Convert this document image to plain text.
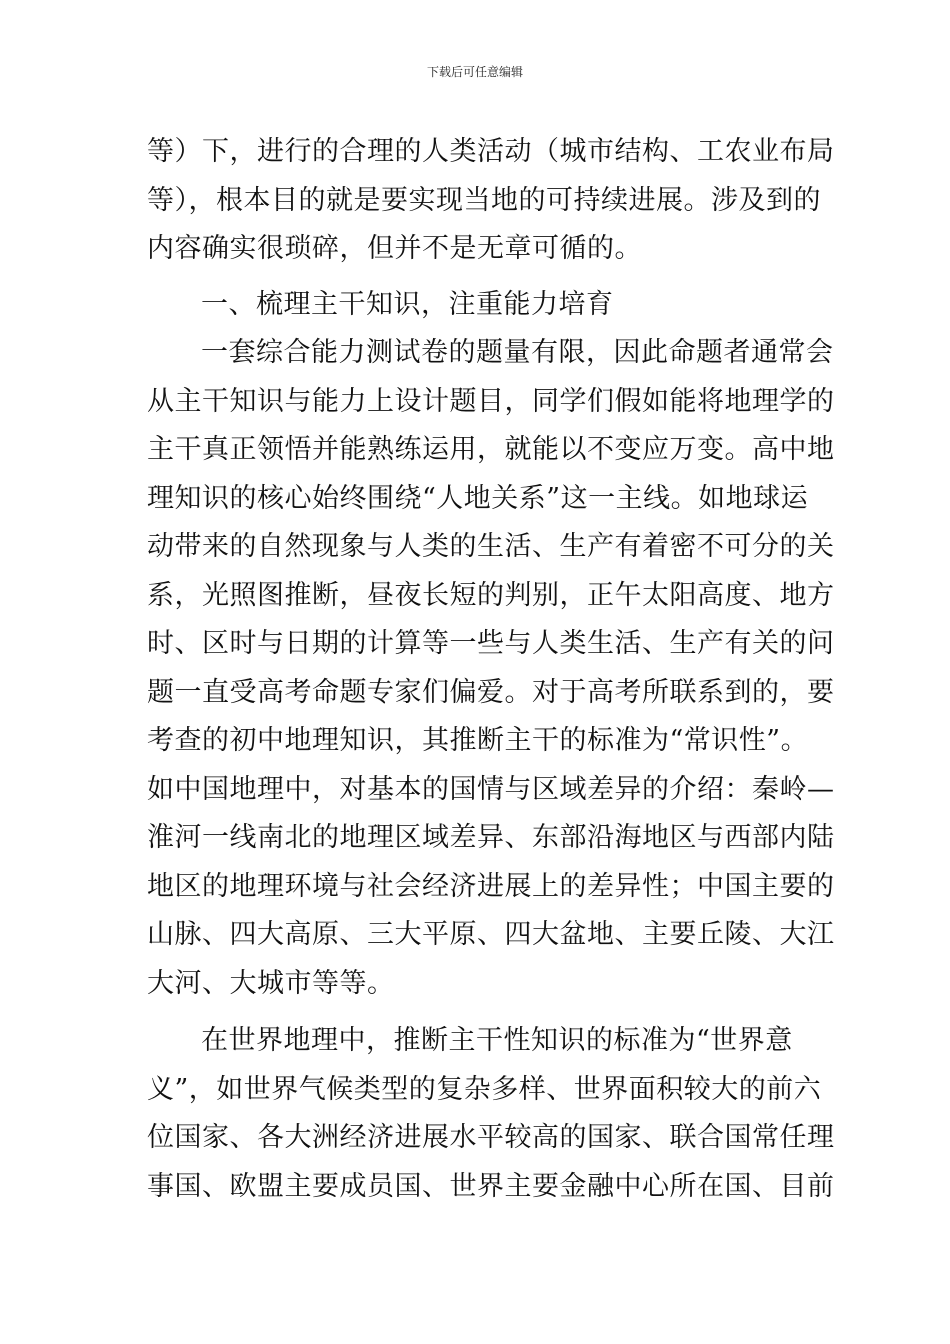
下载后可任意编辑
等）下，进行的合理的人类活动（城市结构、工农业布局
等），根本目的就是要实现当地的可持续进展。涉及到的
内容确实很琐碎，但并不是无章可循的。
一、梳理主干知识，注重能力培育
一套综合能力测试卷的题量有限，因此命题者通常会
从主干知识与能力上设计题目，同学们假如能将地理学的
主干真正领悟并能熟练运用，就能以不变应万变。高中地
理知识的核心始终围绕“人地关系”这一主线。如地球运
动带来的自然现象与人类的生活、生产有着密不可分的关
系，光照图推断，昼夜长短的判别，正午太阳高度、地方
时、区时与日期的计算等一些与人类生活、生产有关的问
题一直受高考命题专家们偏爱。对于高考所联系到的，要
考查的初中地理知识，其推断主干的标准为“常识性”。
如中国地理中，对基本的国情与区域差异的介绍：秦岭—
淮河一线南北的地理区域差异、东部沿海地区与西部内陆
地区的地理环境与社会经济进展上的差异性；中国主要的
山脉、四大高原、三大平原、四大盆地、主要丘陵、大江
大河、大城市等等。
在世界地理中，推断主干性知识的标准为“世界意
义”，如世界气候类型的复杂多样、世界面积较大的前六
位国家、各大洲经济进展水平较高的国家、联合国常任理
事国、欧盟主要成员国、世界主要金融中心所在国、目前
